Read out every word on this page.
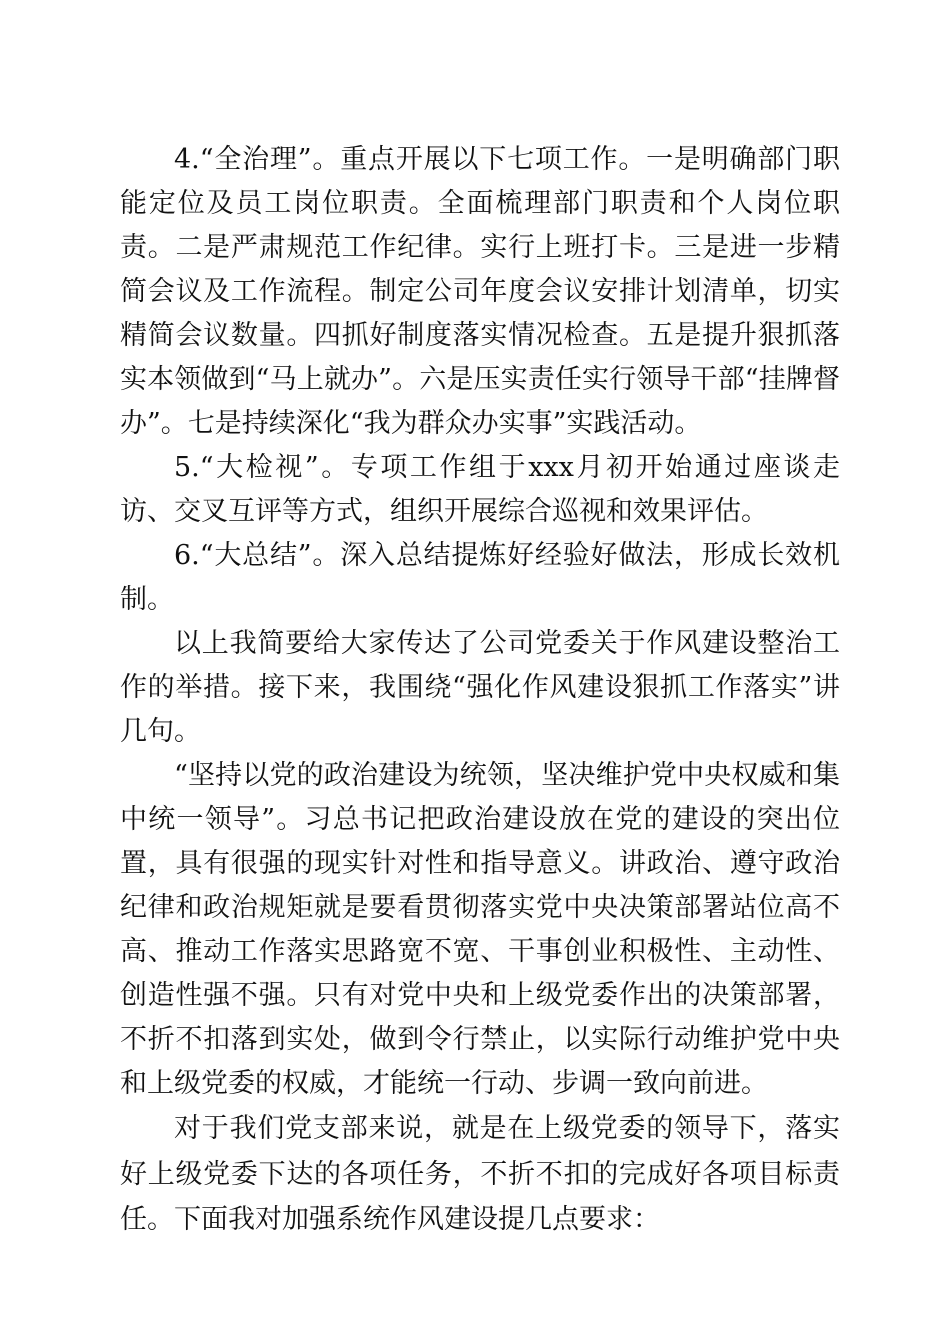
4.“全治理”。重点开展以下七项工作。一是明确部门职能定位及员工岗位职责。全面梳理部门职责和个人岗位职责。二是严肃规范工作纪律。实行上班打卡。三是进一步精简会议及工作流程。制定公司年度会议安排计划清单，切实精简会议数量。四抓好制度落实情况检查。五是提升狠抓落实本领做到“马上就办”。六是压实责任实行领导干部“挂牌督办”。七是持续深化“我为群众办实事”实践活动。

5.“大检视”。专项工作组于xxx月初开始通过座谈走访、交叉互评等方式，组织开展综合巡视和效果评估。

6.“大总结”。深入总结提炼好经验好做法，形成长效机制。

以上我简要给大家传达了公司党委关于作风建设整治工作的举措。接下来，我围绕“强化作风建设狠抓工作落实”讲几句。

“坚持以党的政治建设为统领，坚决维护党中央权威和集中统一领导”。习总书记把政治建设放在党的建设的突出位置，具有很强的现实针对性和指导意义。讲政治、遵守政治纪律和政治规矩就是要看贯彻落实党中央决策部署站位高不高、推动工作落实思路宽不宽、干事创业积极性、主动性、创造性强不强。只有对党中央和上级党委作出的决策部署，不折不扣落到实处，做到令行禁止，以实际行动维护党中央和上级党委的权威，才能统一行动、步调一致向前进。

对于我们党支部来说，就是在上级党委的领导下，落实好上级党委下达的各项任务，不折不扣的完成好各项目标责任。下面我对加强系统作风建设提几点要求：
